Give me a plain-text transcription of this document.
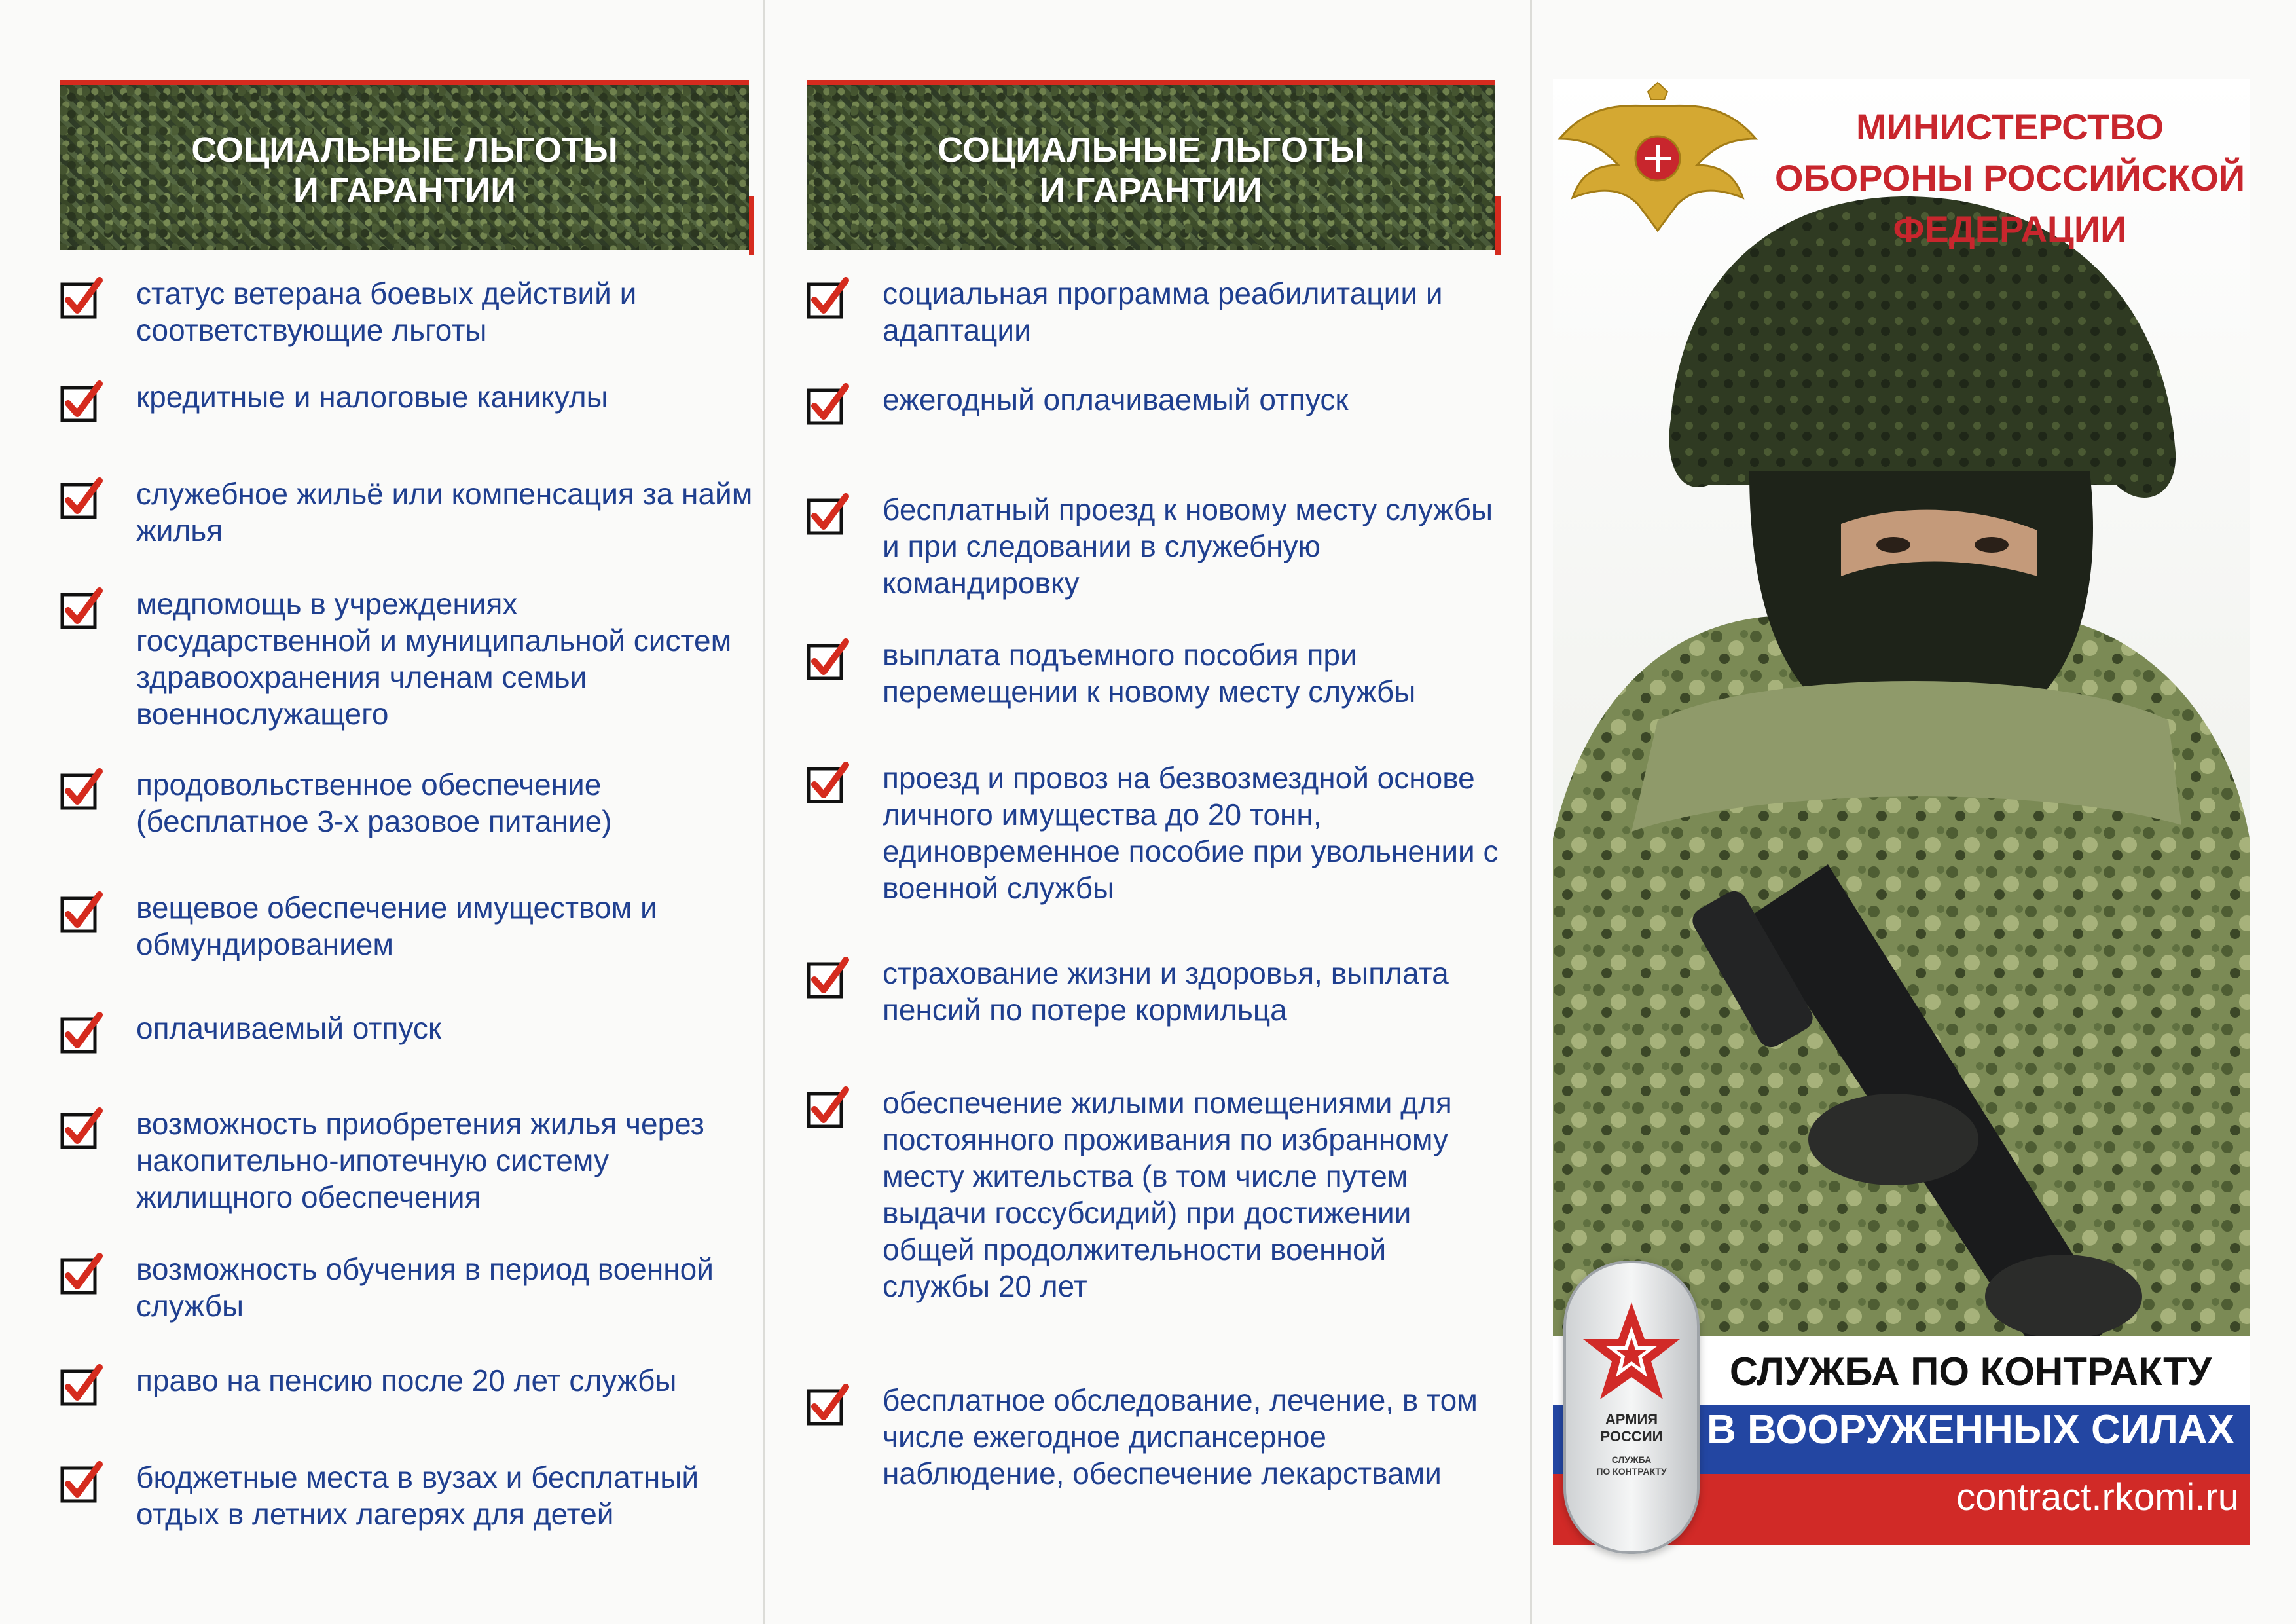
СОЦИАЛЬНЫЕ ЛЬГОТЫ
И ГАРАНТИИ
статус ветерана боевых действий и соответствующие льготы
кредитные и налоговые каникулы
служебное жильё или компенсация за найм жилья
медпомощь в учреждениях государственной и муниципальной систем здравоохранения членам семьи военнослужащего
продовольственное обеспечение (бесплатное 3-х разовое питание)
вещевое обеспечение имуществом и обмундированием
оплачиваемый отпуск
возможность приобретения жилья через накопительно-ипотечную систему жилищного обеспечения
возможность обучения в период военной службы
право на пенсию после 20 лет службы
бюджетные места в вузах и бесплатный отдых в летних лагерях для детей
СОЦИАЛЬНЫЕ ЛЬГОТЫ
И ГАРАНТИИ
социальная программа реабилитации и адаптации
ежегодный оплачиваемый отпуск
бесплатный проезд к новому месту службы и при следовании в служебную командировку
выплата подъемного пособия при перемещении к новому месту службы
проезд и провоз на безвозмездной основе личного имущества до 20 тонн, единовременное пособие при увольнении с военной службы
страхование жизни и здоровья, выплата пенсий по потере кормильца
обеспечение жилыми помещениями для постоянного проживания по избранному месту жительства (в том числе путем выдачи госсубсидий) при достижении общей продолжительности военной службы 20 лет
бесплатное обследование, лечение, в том числе ежегодное диспансерное наблюдение, обеспечение лекарствами
МИНИСТЕРСТВО ОБОРОНЫ РОССИЙСКОЙ ФЕДЕРАЦИИ
СЛУЖБА ПО КОНТРАКТУ
В ВООРУЖЕННЫХ СИЛАХ
contract.rkomi.ru
АРМИЯ
РОССИИ
СЛУЖБА
ПО КОНТРАКТУ
